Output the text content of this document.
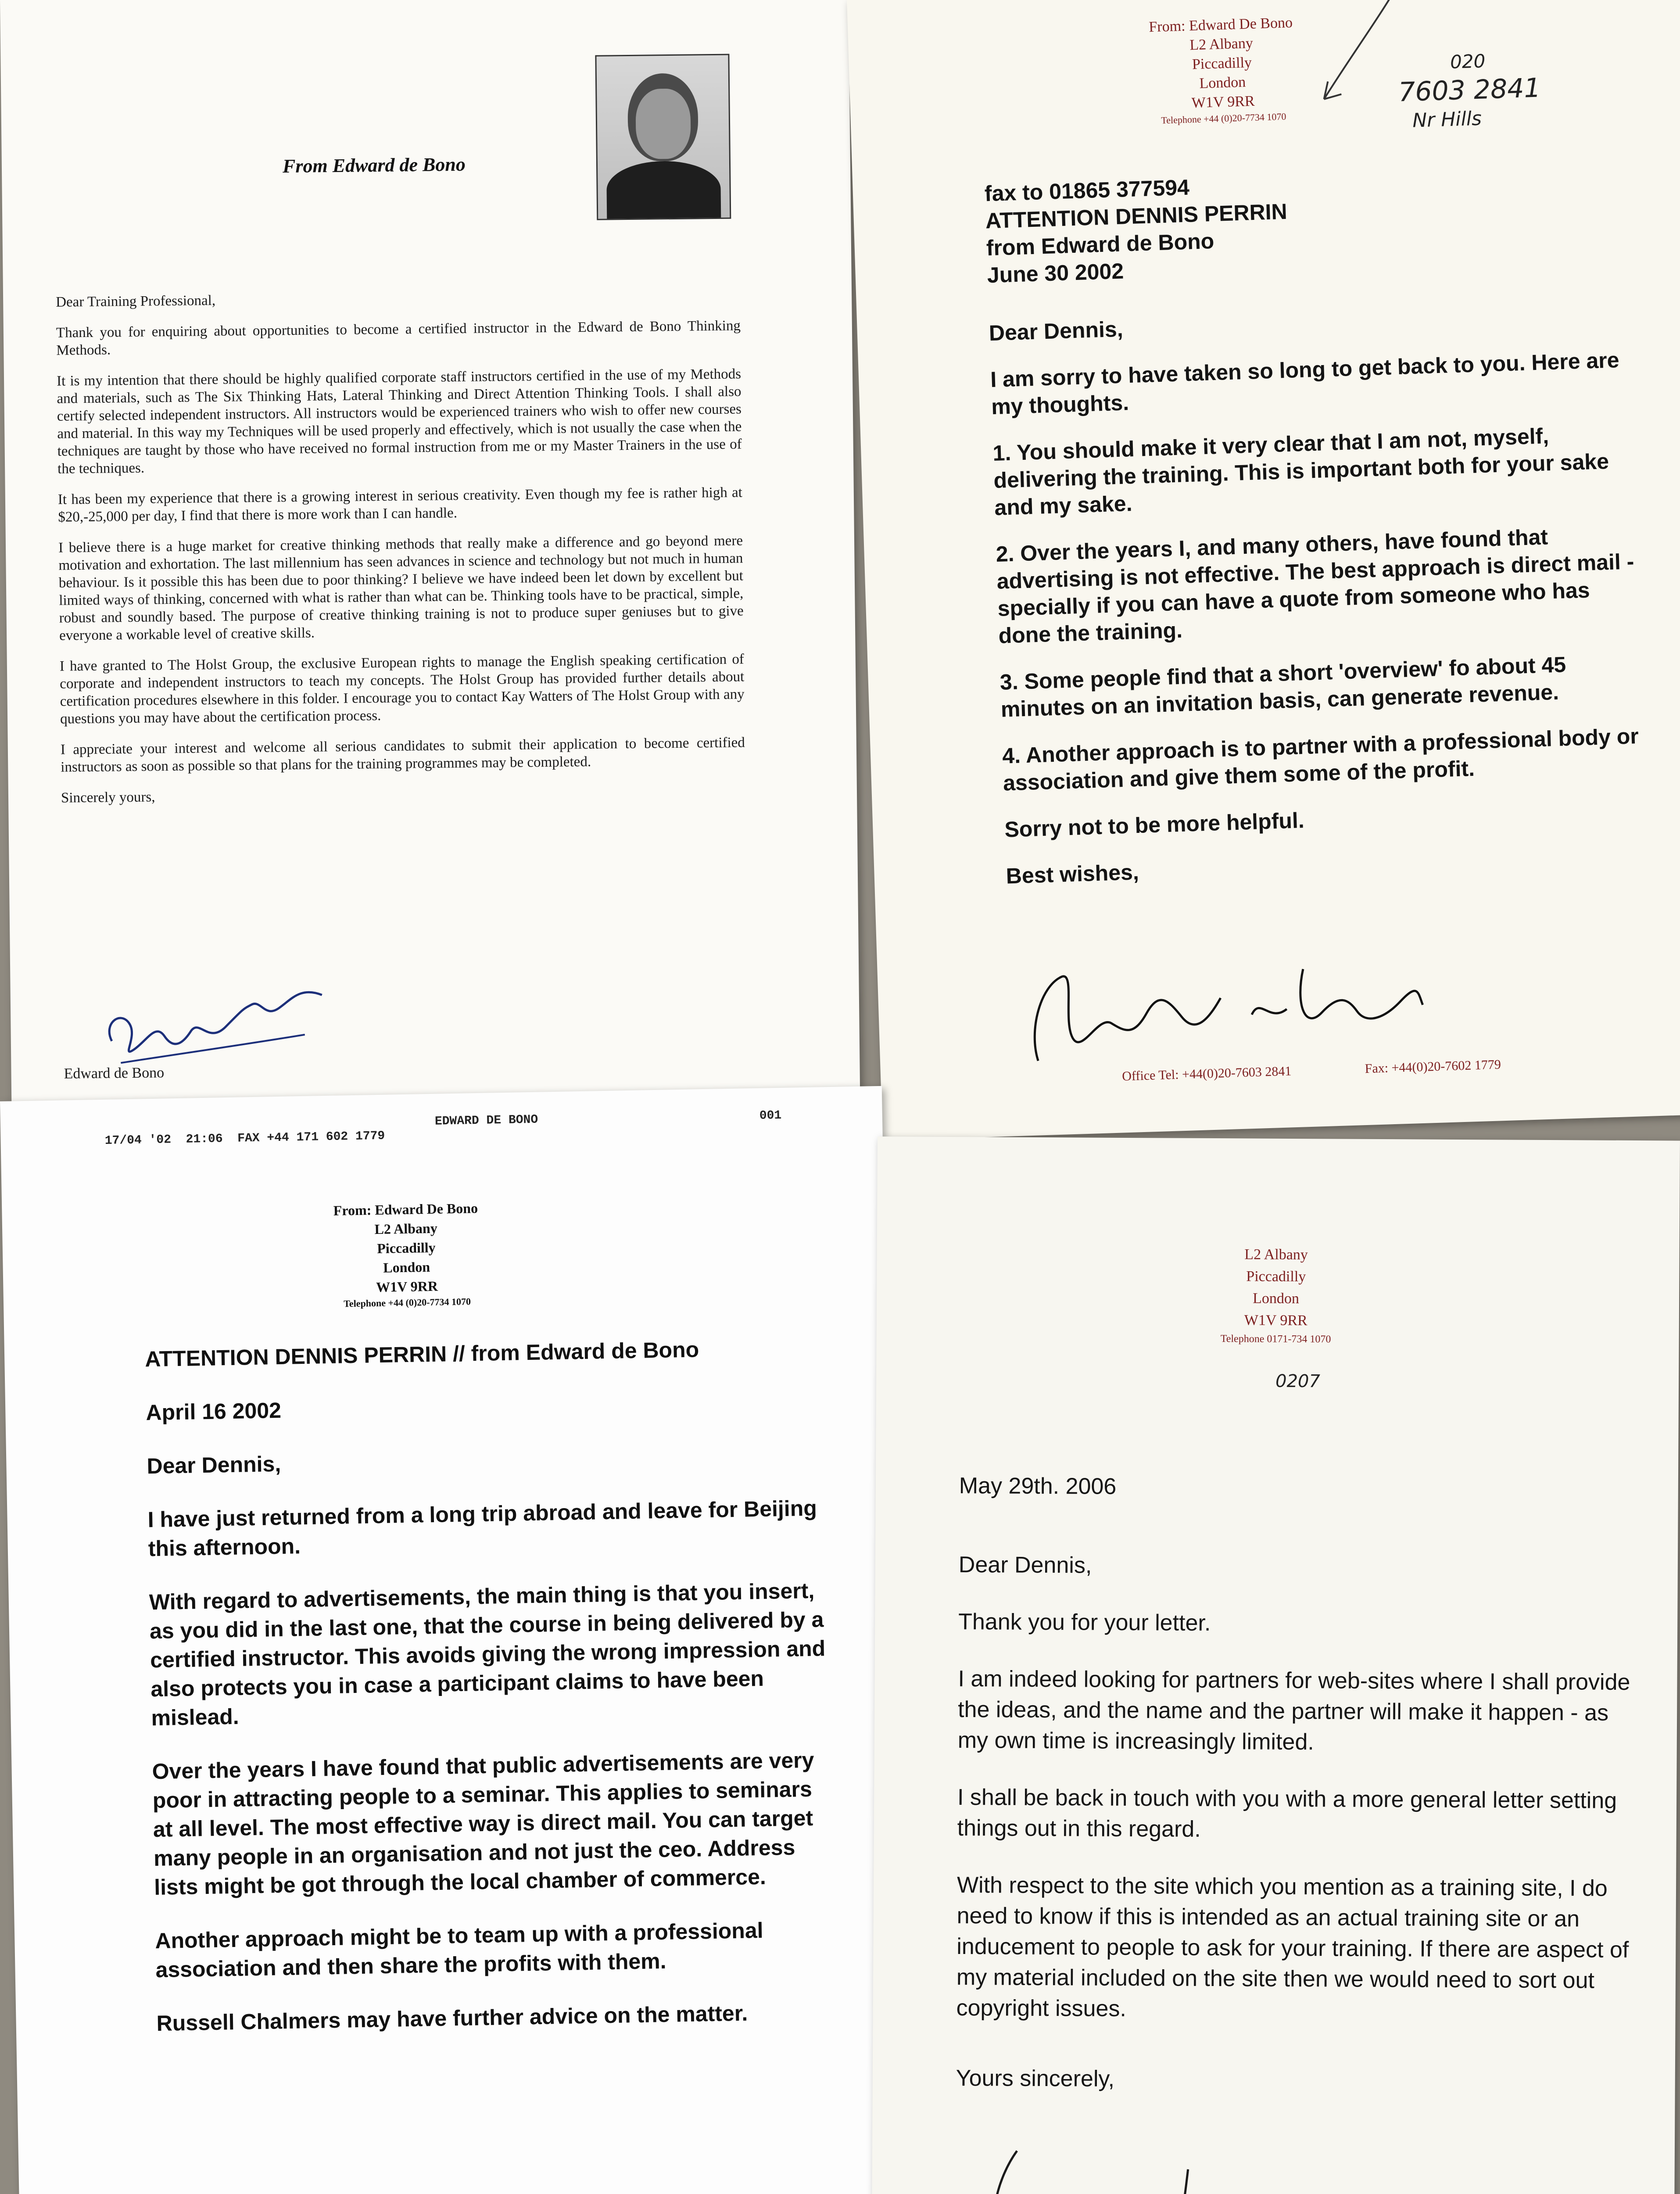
From Edward de Bono

Dear Training Professional,

Thank you for enquiring about opportunities to become a certified instructor in the Edward de Bono Thinking Methods.

It is my intention that there should be highly qualified corporate staff instructors certified in the use of my Methods and materials, such as The Six Thinking Hats, Lateral Thinking and Direct Attention Thinking Tools. I shall also certify selected independent instructors. All instructors would be experienced trainers who wish to offer new courses and material. In this way my Techniques will be used properly and effectively, which is not usually the case when the techniques are taught by those who have received no formal instruction from me or my Master Trainers in the use of the techniques.

It has been my experience that there is a growing interest in serious creativity. Even though my fee is rather high at $20,-25,000 per day, I find that there is more work than I can handle.

I believe there is a huge market for creative thinking methods that really make a difference and go beyond mere motivation and exhortation. The last millennium has seen advances in science and technology but not much in human behaviour. Is it possible this has been due to poor thinking? I believe we have indeed been let down by excellent but limited ways of thinking, concerned with what is rather than what can be. Thinking tools have to be practical, simple, robust and soundly based. The purpose of creative thinking training is not to produce super geniuses but to give everyone a workable level of creative skills.

I have granted to The Holst Group, the exclusive European rights to manage the English speaking certification of corporate and independent instructors to teach my concepts. The Holst Group has provided further details about certification procedures elsewhere in this folder. I encourage you to contact Kay Watters of The Holst Group with any questions you may have about the certification process.

I appreciate your interest and welcome all serious candidates to submit their application to become certified instructors as soon as possible so that plans for the training programmes may be completed.

Sincerely yours,

Edward de Bono
From: Edward De Bono
L2 Albany
Piccadilly
London
W1V 9RR
Telephone +44 (0)20-7734 1070
020
7603 2841
Nr Hills

fax to 01865 377594

ATTENTION DENNIS PERRIN

from Edward de Bono

June 30 2002

Dear Dennis,

I am sorry to have taken so long to get back to you. Here are my thoughts.

1. You should make it very clear that I am not, myself, delivering the training. This is important both for your sake and my sake.

2. Over the years I, and many others, have found that advertising is not effective. The best approach is direct mail - specially if you can have a quote from someone who has done the training.

3. Some people find that a short 'overview' fo about 45 minutes on an invitation basis, can generate revenue.

4. Another approach is to partner with a professional body or association and give them some of the profit.

Sorry not to be more helpful.

Best wishes,

Office Tel: +44(0)20-7603 2841	Fax: +44(0)20-7602 1779

17/04 '02  21:06  FAX +44 171 602 1779

EDWARD DE BONO

	001

From: Edward De Bono
L2 Albany
Piccadilly
London
W1V 9RR
Telephone +44 (0)20-7734 1070

ATTENTION DENNIS PERRIN // from Edward de Bono

April 16 2002

Dear Dennis,

I have just returned from a long trip abroad and leave for Beijing this afternoon.

With regard to advertisements, the main thing is that you insert, as you did in the last one, that the course in being delivered by a certified instructor. This avoids giving the wrong impression and also protects you in case a participant claims to have been mislead.

Over the years I have found that public advertisements are very poor in attracting people to a seminar. This applies to seminars at all level. The most effective way is direct mail. You can target many people in an organisation and not just the ceo. Address lists might be got through the local chamber of commerce.

Another approach might be to team up with a professional association and then share the profits with them.

Russell Chalmers may have further advice on the matter.

L2 Albany
Piccadilly
London
W1V 9RR
Telephone 0171-734 1070
0207

May 29th. 2006

Dear Dennis,

Thank you for your letter.

I am indeed looking for partners for web-sites where I shall provide the ideas, and the name and the partner will make it happen - as my own time is increasingly limited.

I shall be back in touch with you with a more general letter setting things out in this regard.

With respect to the site which you mention as a training site, I do need to know if this is intended as an actual training site or an inducement to people to ask for your training. If there are aspect of my material included on the site then we would need to sort out copyright issues.

Yours sincerely,
